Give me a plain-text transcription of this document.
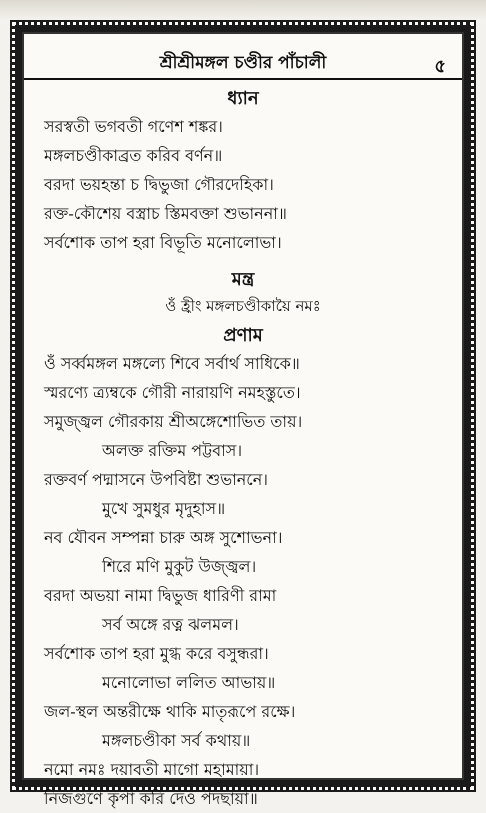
শ্রীশ্রীমঙ্গল চণ্ডীর পাঁচালী	৫

ধ্যান

সরস্বতী ভগবতী গণেশ শঙ্কর।

মঙ্গলচণ্ডীকাব্রত করিব বর্ণন॥

বরদা ভয়হন্তা চ দ্বিভুজা গৌরদেহিকা।

রক্ত-কৌশেয় বস্ত্রাচ স্তিমবক্তা শুভাননা॥

সর্বশোক তাপ হরা বিভূতি মনোলোভা।

মন্ত্র

ওঁ হ্রীং মঙ্গলচণ্ডীকায়ৈ নমঃ

প্রণাম

ওঁ সর্ব্বমঙ্গল মঙ্গল্যে শিবে সর্বার্থ সাধিকে॥

স্মরণ্যে ত্র্যম্বকে গৌরী নারায়ণি নমহস্তুতে।

সমুজ্জ্বল গৌরকায় শ্রীঅঙ্গেশোভিত তায়।

অলক্ত রক্তিম পট্টবাস।

রক্তবর্ণ পদ্মাসনে উপবিষ্টা শুভাননে।

মুখে সুমধুর মৃদুহাস॥

নব যৌবন সম্পন্না চারু অঙ্গ সুশোভনা।

শিরে মণি মুকুট উজ্জ্বল।

বরদা অভয়া নামা দ্বিভুজ ধারিণী রামা

সর্ব অঙ্গে রত্ন ঝলমল।

সর্বশোক তাপ হরা মুগ্ধ করে বসুন্ধরা।

মনোলোভা ললিত আভায়॥

জল-স্থল অন্তরীক্ষে থাকি মাতৃরূপে রক্ষে।

মঙ্গলচণ্ডীকা সর্ব কথায়॥

নমো নমঃ দয়াবতী মাগো মহামায়া।

নিজগুণে কৃপা করি দেও পদছায়া॥
